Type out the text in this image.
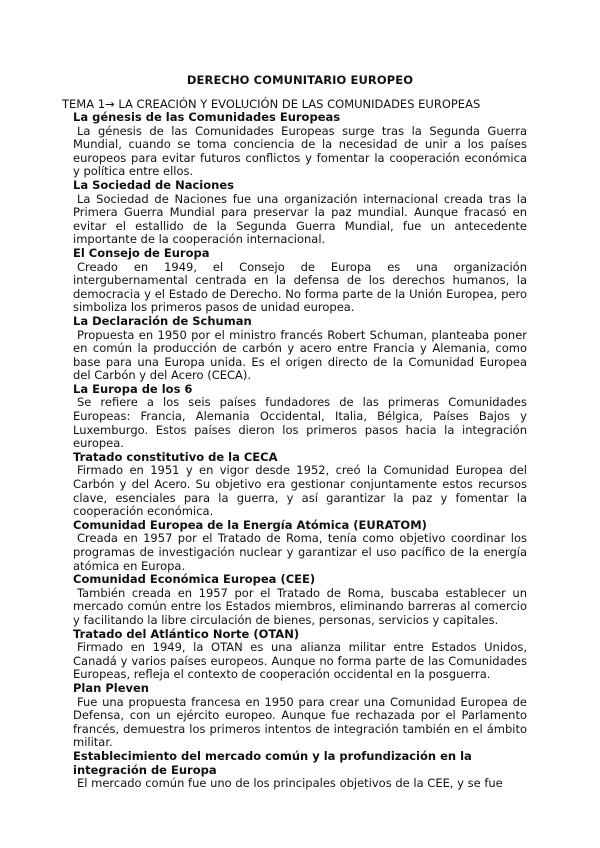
DERECHO COMUNITARIO EUROPEO
TEMA 1→ LA CREACIÓN Y EVOLUCIÓN DE LAS COMUNIDADES EUROPEAS

La génesis de las Comunidades Europeas

La génesis de las Comunidades Europeas surge tras la Segunda Guerra Mundial, cuando se toma conciencia de la necesidad de unir a los países europeos para evitar futuros conflictos y fomentar la cooperación económica y política entre ellos.

La Sociedad de Naciones

La Sociedad de Naciones fue una organización internacional creada tras la Primera Guerra Mundial para preservar la paz mundial. Aunque fracasó en evitar el estallido de la Segunda Guerra Mundial, fue un antecedente importante de la cooperación internacional.

El Consejo de Europa

Creado en 1949, el Consejo de Europa es una organización intergubernamental centrada en la defensa de los derechos humanos, la democracia y el Estado de Derecho. No forma parte de la Unión Europea, pero simboliza los primeros pasos de unidad europea.

La Declaración de Schuman

Propuesta en 1950 por el ministro francés Robert Schuman, planteaba poner en común la producción de carbón y acero entre Francia y Alemania, como base para una Europa unida. Es el origen directo de la Comunidad Europea del Carbón y del Acero (CECA).

La Europa de los 6

Se refiere a los seis países fundadores de las primeras Comunidades Europeas: Francia, Alemania Occidental, Italia, Bélgica, Países Bajos y Luxemburgo. Estos países dieron los primeros pasos hacia la integración europea.

Tratado constitutivo de la CECA

Firmado en 1951 y en vigor desde 1952, creó la Comunidad Europea del Carbón y del Acero. Su objetivo era gestionar conjuntamente estos recursos clave, esenciales para la guerra, y así garantizar la paz y fomentar la cooperación económica.

Comunidad Europea de la Energía Atómica (EURATOM)

Creada en 1957 por el Tratado de Roma, tenía como objetivo coordinar los programas de investigación nuclear y garantizar el uso pacífico de la energía atómica en Europa.

Comunidad Económica Europea (CEE)

También creada en 1957 por el Tratado de Roma, buscaba establecer un mercado común entre los Estados miembros, eliminando barreras al comercio y facilitando la libre circulación de bienes, personas, servicios y capitales.

Tratado del Atlántico Norte (OTAN)

Firmado en 1949, la OTAN es una alianza militar entre Estados Unidos, Canadá y varios países europeos. Aunque no forma parte de las Comunidades Europeas, refleja el contexto de cooperación occidental en la posguerra.

Plan Pleven

Fue una propuesta francesa en 1950 para crear una Comunidad Europea de Defensa, con un ejército europeo. Aunque fue rechazada por el Parlamento francés, demuestra los primeros intentos de integración también en el ámbito militar.

Establecimiento del mercado común y la profundización en la integración de Europa

El mercado común fue uno de los principales objetivos de la CEE, y se fue
